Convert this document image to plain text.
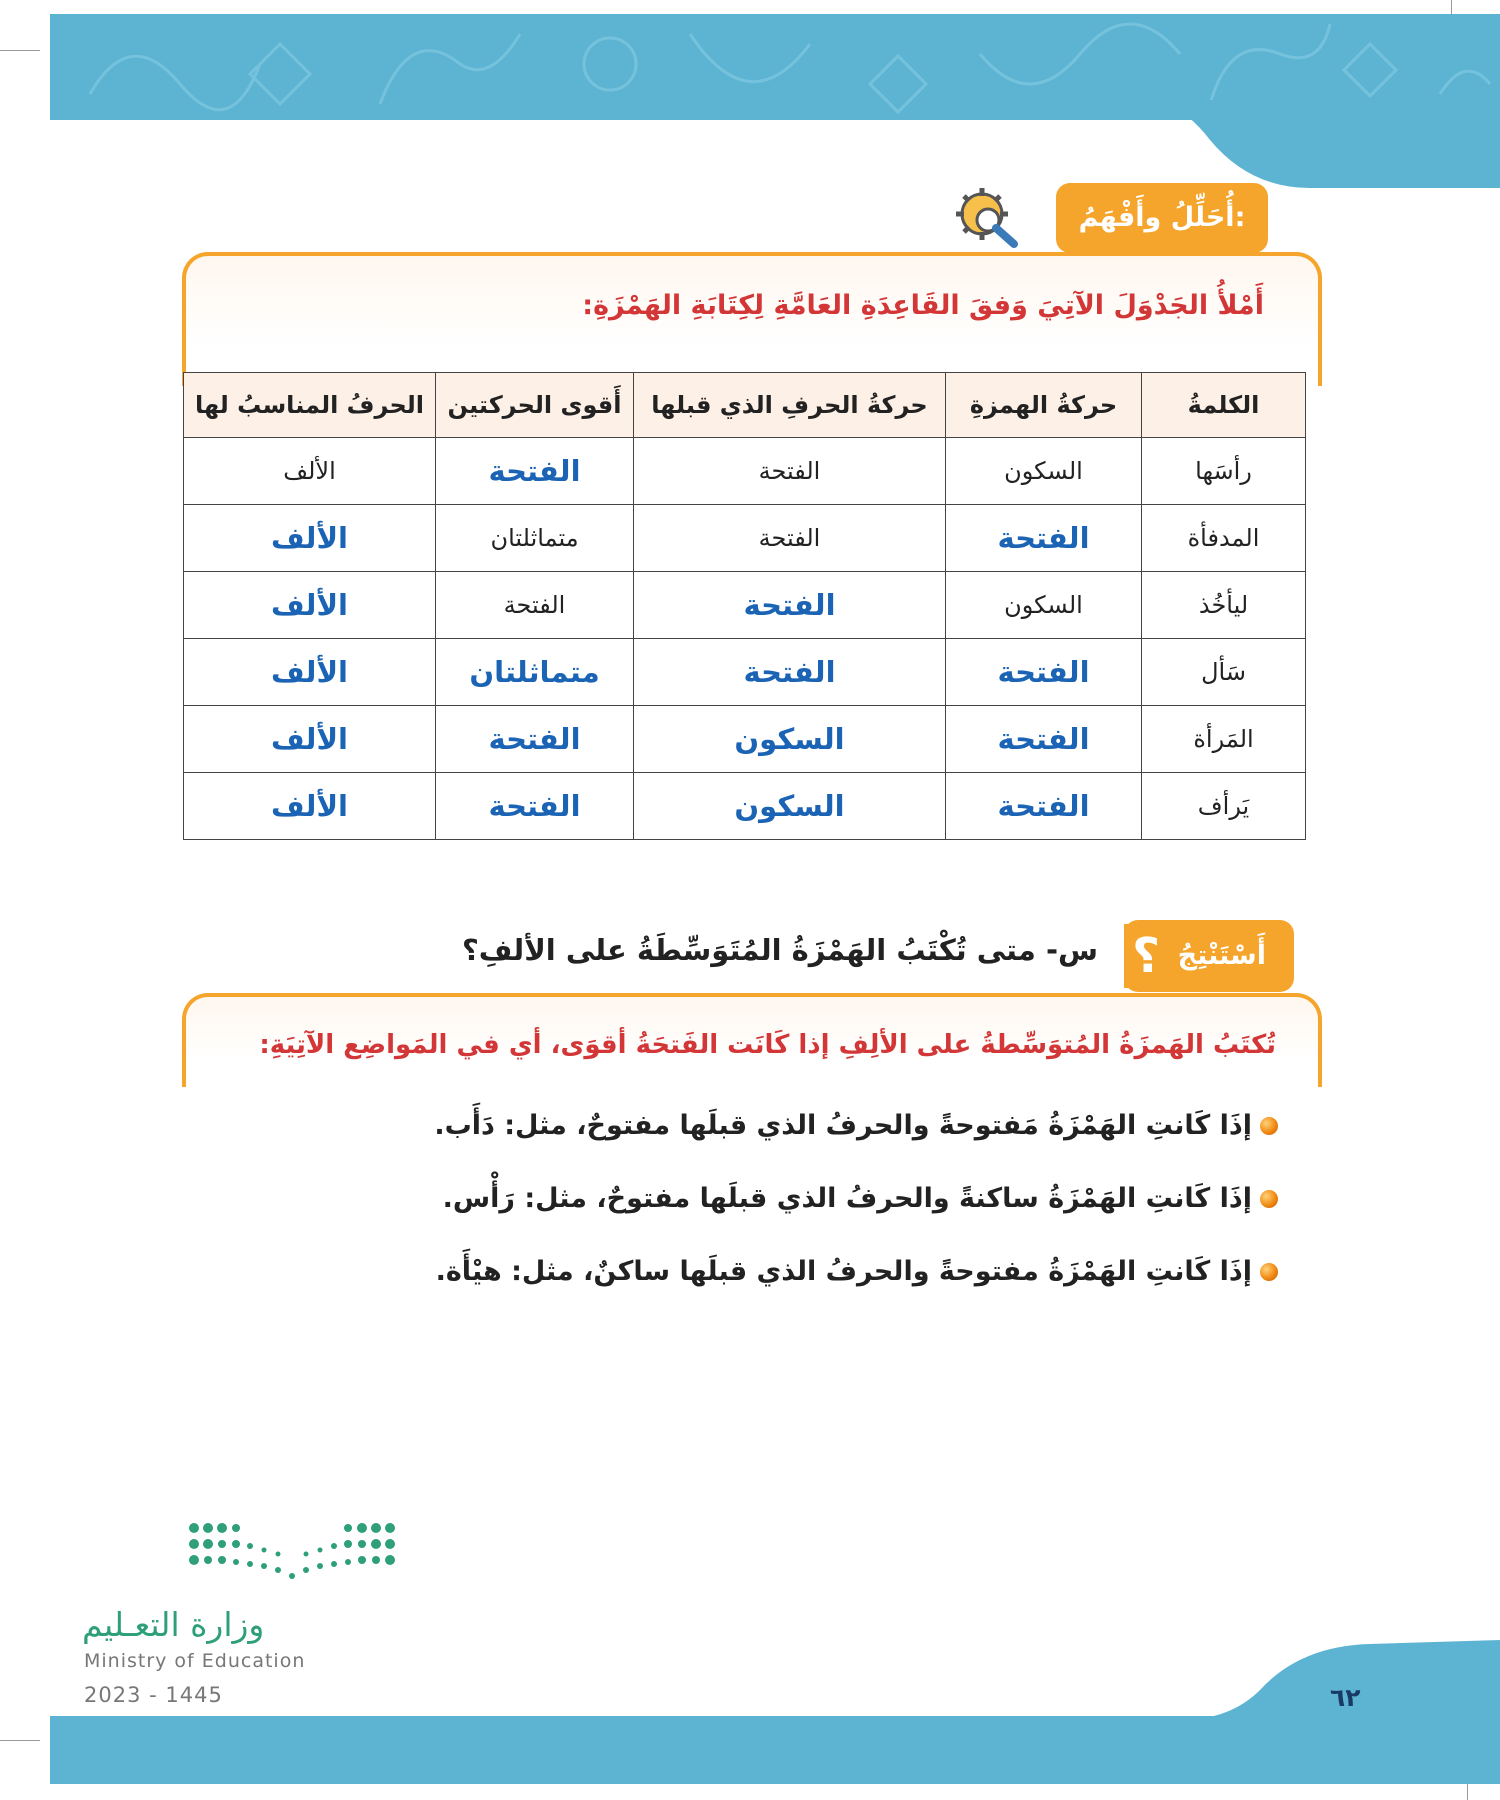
أُحَلِّلُ وأَفْهَمُ:
أَمْلأُ الجَدْوَلَ الآتِيَ وَفقَ القَاعِدَةِ العَامَّةِ لِكِتَابَةِ الهَمْزَةِ:
الكلمةُ	حركةُ الهمزةِ	حركةُ الحرفِ الذي قبلها	أَقوى الحركتين	الحرفُ المناسبُ لها
رأسَها	السكون	الفتحة	الفتحة	الألف
المدفأة	الفتحة	الفتحة	متماثلتان	الألف
ليأخُذ	السكون	الفتحة	الفتحة	الألف
سَأل	الفتحة	الفتحة	متماثلتان	الألف
المَرأة	الفتحة	السكون	الفتحة	الألف
يَرأف	الفتحة	السكون	الفتحة	الألف
أَسْتَنْتِجُ
؟
س- متى تُكْتَبُ الهَمْزَةُ المُتَوَسِّطَةُ على الألفِ؟
تُكتَبُ الهَمزَةُ المُتوَسِّطةُ على الألِفِ إذا كَانَت الفَتحَةُ أقوَى، أي في المَواضِع الآتِيَةِ:
إذَا كَانتِ الهَمْزَةُ مَفتوحةً والحرفُ الذي قبلَها مفتوحٌ، مثل: دَأَب.
إذَا كَانتِ الهَمْزَةُ ساكنةً والحرفُ الذي قبلَها مفتوحٌ، مثل: رَأْس.
إذَا كَانتِ الهَمْزَةُ مفتوحةً والحرفُ الذي قبلَها ساكنٌ، مثل: هيْأَة.
وزارة التعـليم
Ministry of Education
2023 - 1445	٦٢
